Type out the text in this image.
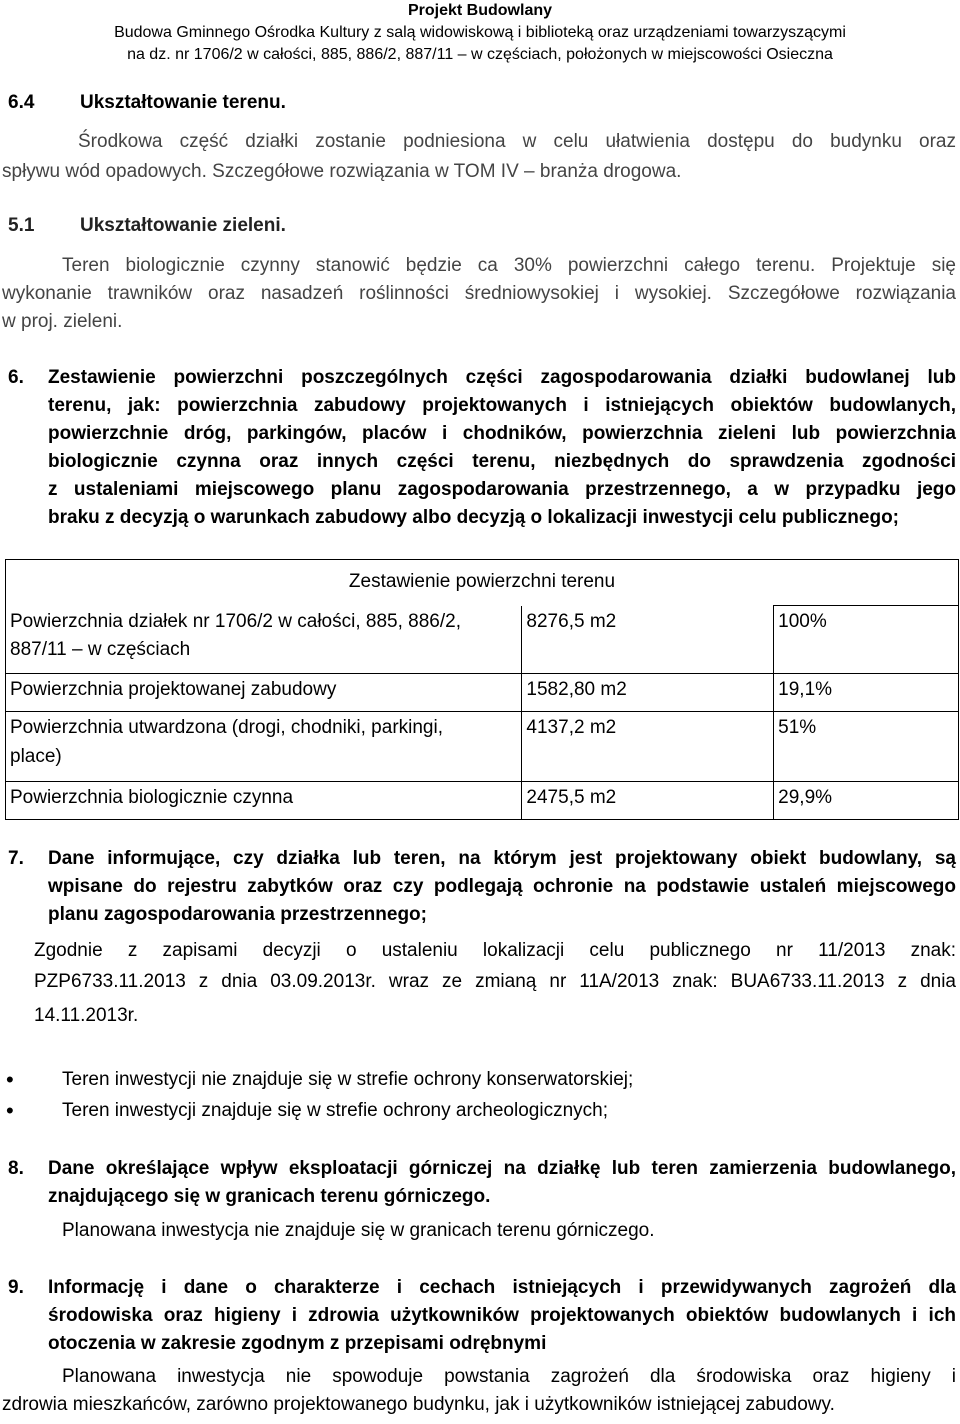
Projekt Budowlany
Budowa Gminnego Ośrodka Kultury z salą widowiskową i biblioteką oraz urządzeniami towarzyszącymi
na dz. nr 1706/2 w całości, 885, 886/2, 887/11 – w częściach, położonych w miejscowości Osieczna
6.4 Ukształtowanie terenu.
Środkowa część działki zostanie podniesiona w celu ułatwienia dostępu do budynku oraz
spływu wód opadowych. Szczegółowe rozwiązania w TOM IV – branża drogowa.
5.1 Ukształtowanie zieleni.
Teren biologicznie czynny stanowić będzie ca 30% powierzchni całego terenu. Projektuje się
wykonanie trawników oraz nasadzeń roślinności średniowysokiej i wysokiej. Szczegółowe rozwiązania
w proj. zieleni.
6. Zestawienie powierzchni poszczególnych części zagospodarowania działki budowlanej lub
terenu, jak: powierzchnia zabudowy projektowanych i istniejących obiektów budowlanych,
powierzchnie dróg, parkingów, placów i chodników, powierzchnia zieleni lub powierzchnia
biologicznie czynna oraz innych części terenu, niezbędnych do sprawdzenia zgodności
z ustaleniami miejscowego planu zagospodarowania przestrzennego, a w przypadku jego
braku z decyzją o warunkach zabudowy albo decyzją o lokalizacji inwestycji celu publicznego;
Zestawienie powierzchni terenu		

Powierzchnia działek nr 1706/2 w całości, 885, 886/2,
887/11 – w częściach	8276,5 m2	100%
Powierzchnia projektowanej zabudowy	1582,80 m2	19,1%

Powierzchnia utwardzona (drogi, chodniki, parkingi,
place)	4137,2 m2	51%
Powierzchnia biologicznie czynna	2475,5 m2	29,9%
7. Dane informujące, czy działka lub teren, na którym jest projektowany obiekt budowlany, są
wpisane do rejestru zabytków oraz czy podlegają ochronie na podstawie ustaleń miejscowego
planu zagospodarowania przestrzennego;
Zgodnie z zapisami decyzji o ustaleniu lokalizacji celu publicznego nr 11/2013 znak:
PZP6733.11.2013 z dnia 03.09.2013r. wraz ze zmianą nr 11A/2013 znak: BUA6733.11.2013 z dnia
14.11.2013r.
•	Teren inwestycji nie znajduje się w strefie ochrony konserwatorskiej;
•	Teren inwestycji znajduje się w strefie ochrony archeologicznych;
8. Dane określające wpływ eksploatacji górniczej na działkę lub teren zamierzenia budowlanego,
znajdującego się w granicach terenu górniczego.
Planowana inwestycja nie znajduje się w granicach terenu górniczego.
9. Informację i dane o charakterze i cechach istniejących i przewidywanych zagrożeń dla
środowiska oraz higieny i zdrowia użytkowników projektowanych obiektów budowlanych i ich
otoczenia w zakresie zgodnym z przepisami odrębnymi
Planowana inwestycja nie spowoduje powstania zagrożeń dla środowiska oraz higieny i
zdrowia mieszkańców, zarówno projektowanego budynku, jak i użytkowników istniejącej zabudowy.
